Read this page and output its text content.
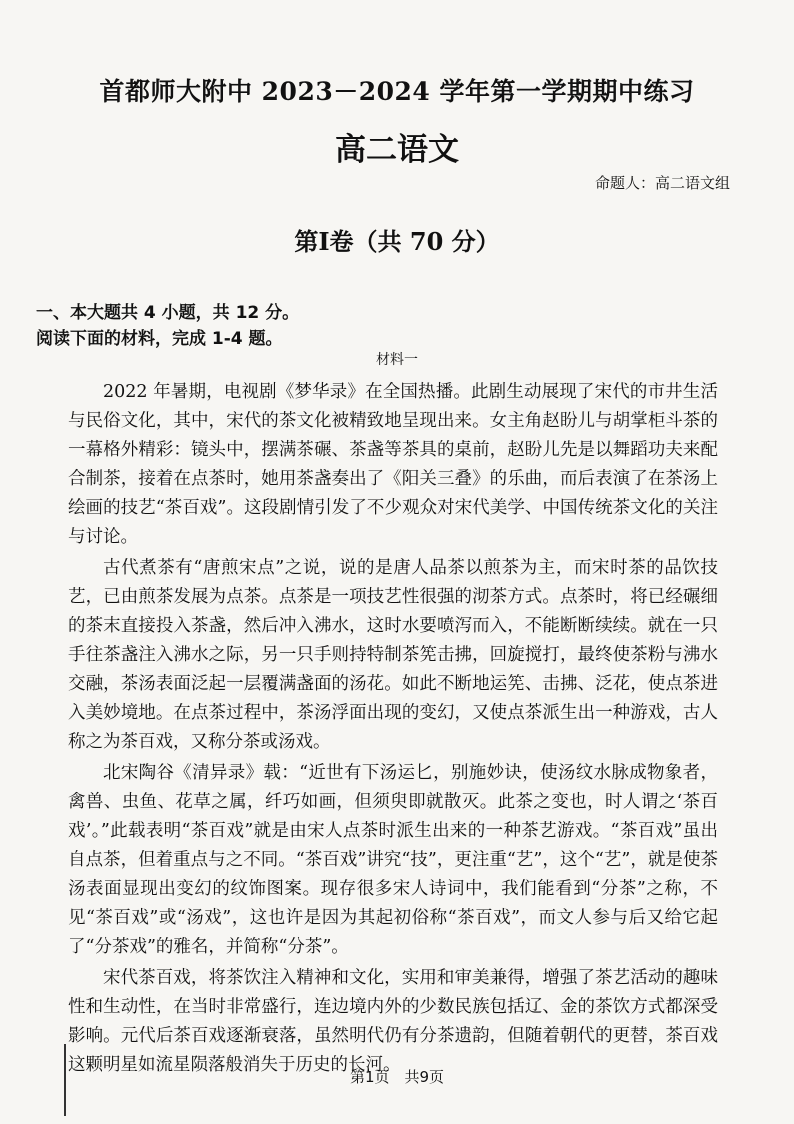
首都师大附中 2023－2024 学年第一学期期中练习
高二语文
命题人：高二语文组
第Ⅰ卷（共 70 分）
一、本大题共 4 小题，共 12 分。
阅读下面的材料，完成 1-4 题。
材料一

2022 年暑期，电视剧《梦华录》在全国热播。此剧生动展现了宋代的市井生活与民俗文化，其中，宋代的茶文化被精致地呈现出来。女主角赵盼儿与胡掌柜斗茶的一幕格外精彩：镜头中，摆满茶碾、茶盏等茶具的桌前，赵盼儿先是以舞蹈功夫来配合制茶，接着在点茶时，她用茶盏奏出了《阳关三叠》的乐曲，而后表演了在茶汤上绘画的技艺“茶百戏”。这段剧情引发了不少观众对宋代美学、中国传统茶文化的关注与讨论。

古代煮茶有“唐煎宋点”之说，说的是唐人品茶以煎茶为主，而宋时茶的品饮技艺，已由煎茶发展为点茶。点茶是一项技艺性很强的沏茶方式。点茶时，将已经碾细的茶末直接投入茶盏，然后冲入沸水，这时水要喷泻而入，不能断断续续。就在一只手往茶盏注入沸水之际，另一只手则持特制茶筅击拂，回旋搅打，最终使茶粉与沸水交融，茶汤表面泛起一层覆满盏面的汤花。如此不断地运筅、击拂、泛花，使点茶进入美妙境地。在点茶过程中，茶汤浮面出现的变幻，又使点茶派生出一种游戏，古人称之为茶百戏，又称分茶或汤戏。

北宋陶谷《清异录》载：“近世有下汤运匕，别施妙诀，使汤纹水脉成物象者，禽兽、虫鱼、花草之属，纤巧如画，但须臾即就散灭。此茶之变也，时人谓之‘茶百戏’。”此载表明“茶百戏”就是由宋人点茶时派生出来的一种茶艺游戏。“茶百戏”虽出自点茶，但着重点与之不同。“茶百戏”讲究“技”，更注重“艺”，这个“艺”，就是使茶汤表面显现出变幻的纹饰图案。现存很多宋人诗词中，我们能看到“分茶”之称，不见“茶百戏”或“汤戏”，这也许是因为其起初俗称“茶百戏”，而文人参与后又给它起了“分茶戏”的雅名，并简称“分茶”。

宋代茶百戏，将茶饮注入精神和文化，实用和审美兼得，增强了茶艺活动的趣味性和生动性，在当时非常盛行，连边境内外的少数民族包括辽、金的茶饮方式都深受影响。元代后茶百戏逐渐衰落，虽然明代仍有分茶遗韵，但随着朝代的更替，茶百戏这颗明星如流星陨落般消失于历史的长河。

第1页　共9页
